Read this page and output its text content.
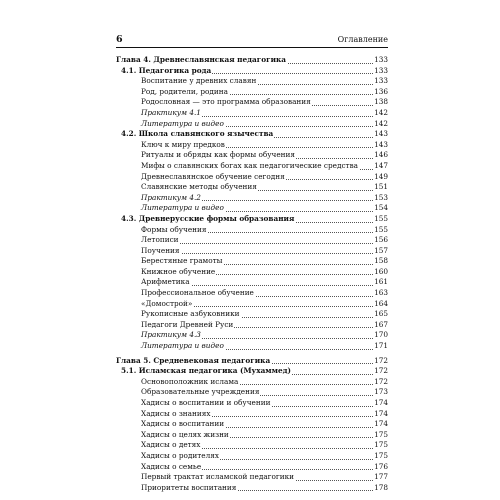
6	Оглавление
Глава 4. Древнеславянская педагогика	133
4.1. Педагогика рода	133
Воспитание у древних славян	133
Род, родители, родина	136
Родословная — это программа образования	138
Практикум 4.1	142
Литература и видео	142
4.2. Школа славянского язычества	143
Ключ к миру предков	143
Ритуалы и обряды как формы обучения	146
Мифы о славянских богах как педагогические средства 147
Древнеславянское обучение сегодня	149
Славянские методы обучения	151
Практикум 4.2	153
Литература и видео	154
4.3. Древнерусские формы образования	155
Формы обучения	155
Летописи	156
Поучения	157
Берестяные грамоты	158
Книжное обучение	160
Арифметика	161
Профессиональное обучение	163
«Домострой»	164
Рукописные азбуковники	165
Педагоги Древней Руси	167
Практикум 4.3	170
Литература и видео	171
Глава 5. Средневековая педагогика	172
5.1. Исламская педагогика (Мухаммед)	172
Основоположник ислама	172
Образовательные учреждения	173
Хадисы о воспитании и обучении	174
Хадисы о знаниях	174
Хадисы о воспитании	174
Хадисы о целях жизни	175
Хадисы о детях	175
Хадисы о родителях	175
Хадисы о семье	176
Первый трактат исламской педагогики	177
Приоритеты воспитания	178
